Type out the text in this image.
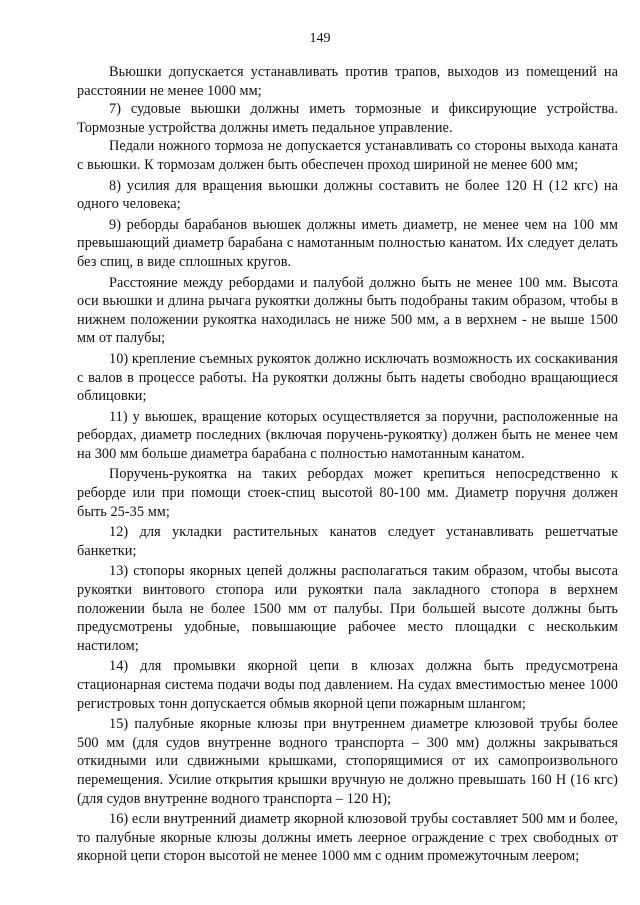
149

Вьюшки допускается устанавливать против трапов, выходов из помещений на расстоянии не менее 1000 мм;

7) судовые вьюшки должны иметь тормозные и фиксирующие устройства. Тормозные устройства должны иметь педальное управление.

Педали ножного тормоза не допускается устанавливать со стороны выхода каната с вьюшки. К тормозам должен быть обеспечен проход шириной не менее 600 мм;

8) усилия для вращения вьюшки должны составить не более 120 Н (12 кгс) на одного человека;

9) реборды барабанов вьюшек должны иметь диаметр, не менее чем на 100 мм превышающий диаметр барабана с намотанным полностью канатом. Их следует делать без спиц, в виде сплошных кругов.

Расстояние между ребордами и палубой должно быть не менее 100 мм. Высота оси вьюшки и длина рычага рукоятки должны быть подобраны таким образом, чтобы в нижнем положении рукоятка находилась не ниже 500 мм, а в верхнем - не выше 1500 мм от палубы;

10) крепление съемных рукояток должно исключать возможность их соскакивания с валов в процессе работы. На рукоятки должны быть надеты свободно вращающиеся облицовки;

11) у вьюшек, вращение которых осуществляется за поручни, расположенные на ребордах, диаметр последних (включая поручень-рукоятку) должен быть не менее чем на 300 мм больше диаметра барабана с полностью намотанным канатом.

Поручень-рукоятка на таких ребордах может крепиться непосредственно к реборде или при помощи стоек-спиц высотой 80-100 мм. Диаметр поручня должен быть 25-35 мм;

12) для укладки растительных канатов следует устанавливать решетчатые банкетки;

13) стопоры якорных цепей должны располагаться таким образом, чтобы высота рукоятки винтового стопора или рукоятки пала закладного стопора в верхнем положении была не более 1500 мм от палубы. При большей высоте должны быть предусмотрены удобные, повышающие рабочее место площадки с нескольким настилом;

14) для промывки якорной цепи в клюзах должна быть предусмотрена стационарная система подачи воды под давлением. На судах вместимостью менее 1000 регистровых тонн допускается обмыв якорной цепи пожарным шлангом;

15) палубные якорные клюзы при внутреннем диаметре клюзовой трубы более 500 мм (для судов внутренне водного транспорта – 300 мм) должны закрываться откидными или сдвижными крышками, стопорящимися от их самопроизвольного перемещения. Усилие открытия крышки вручную не должно превышать 160 Н (16 кгс) (для судов внутренне водного транспорта – 120 Н);

16) если внутренний диаметр якорной клюзовой трубы составляет 500 мм и более, то палубные якорные клюзы должны иметь леерное ограждение с трех свободных от якорной цепи сторон высотой не менее 1000 мм с одним промежуточным леером;
